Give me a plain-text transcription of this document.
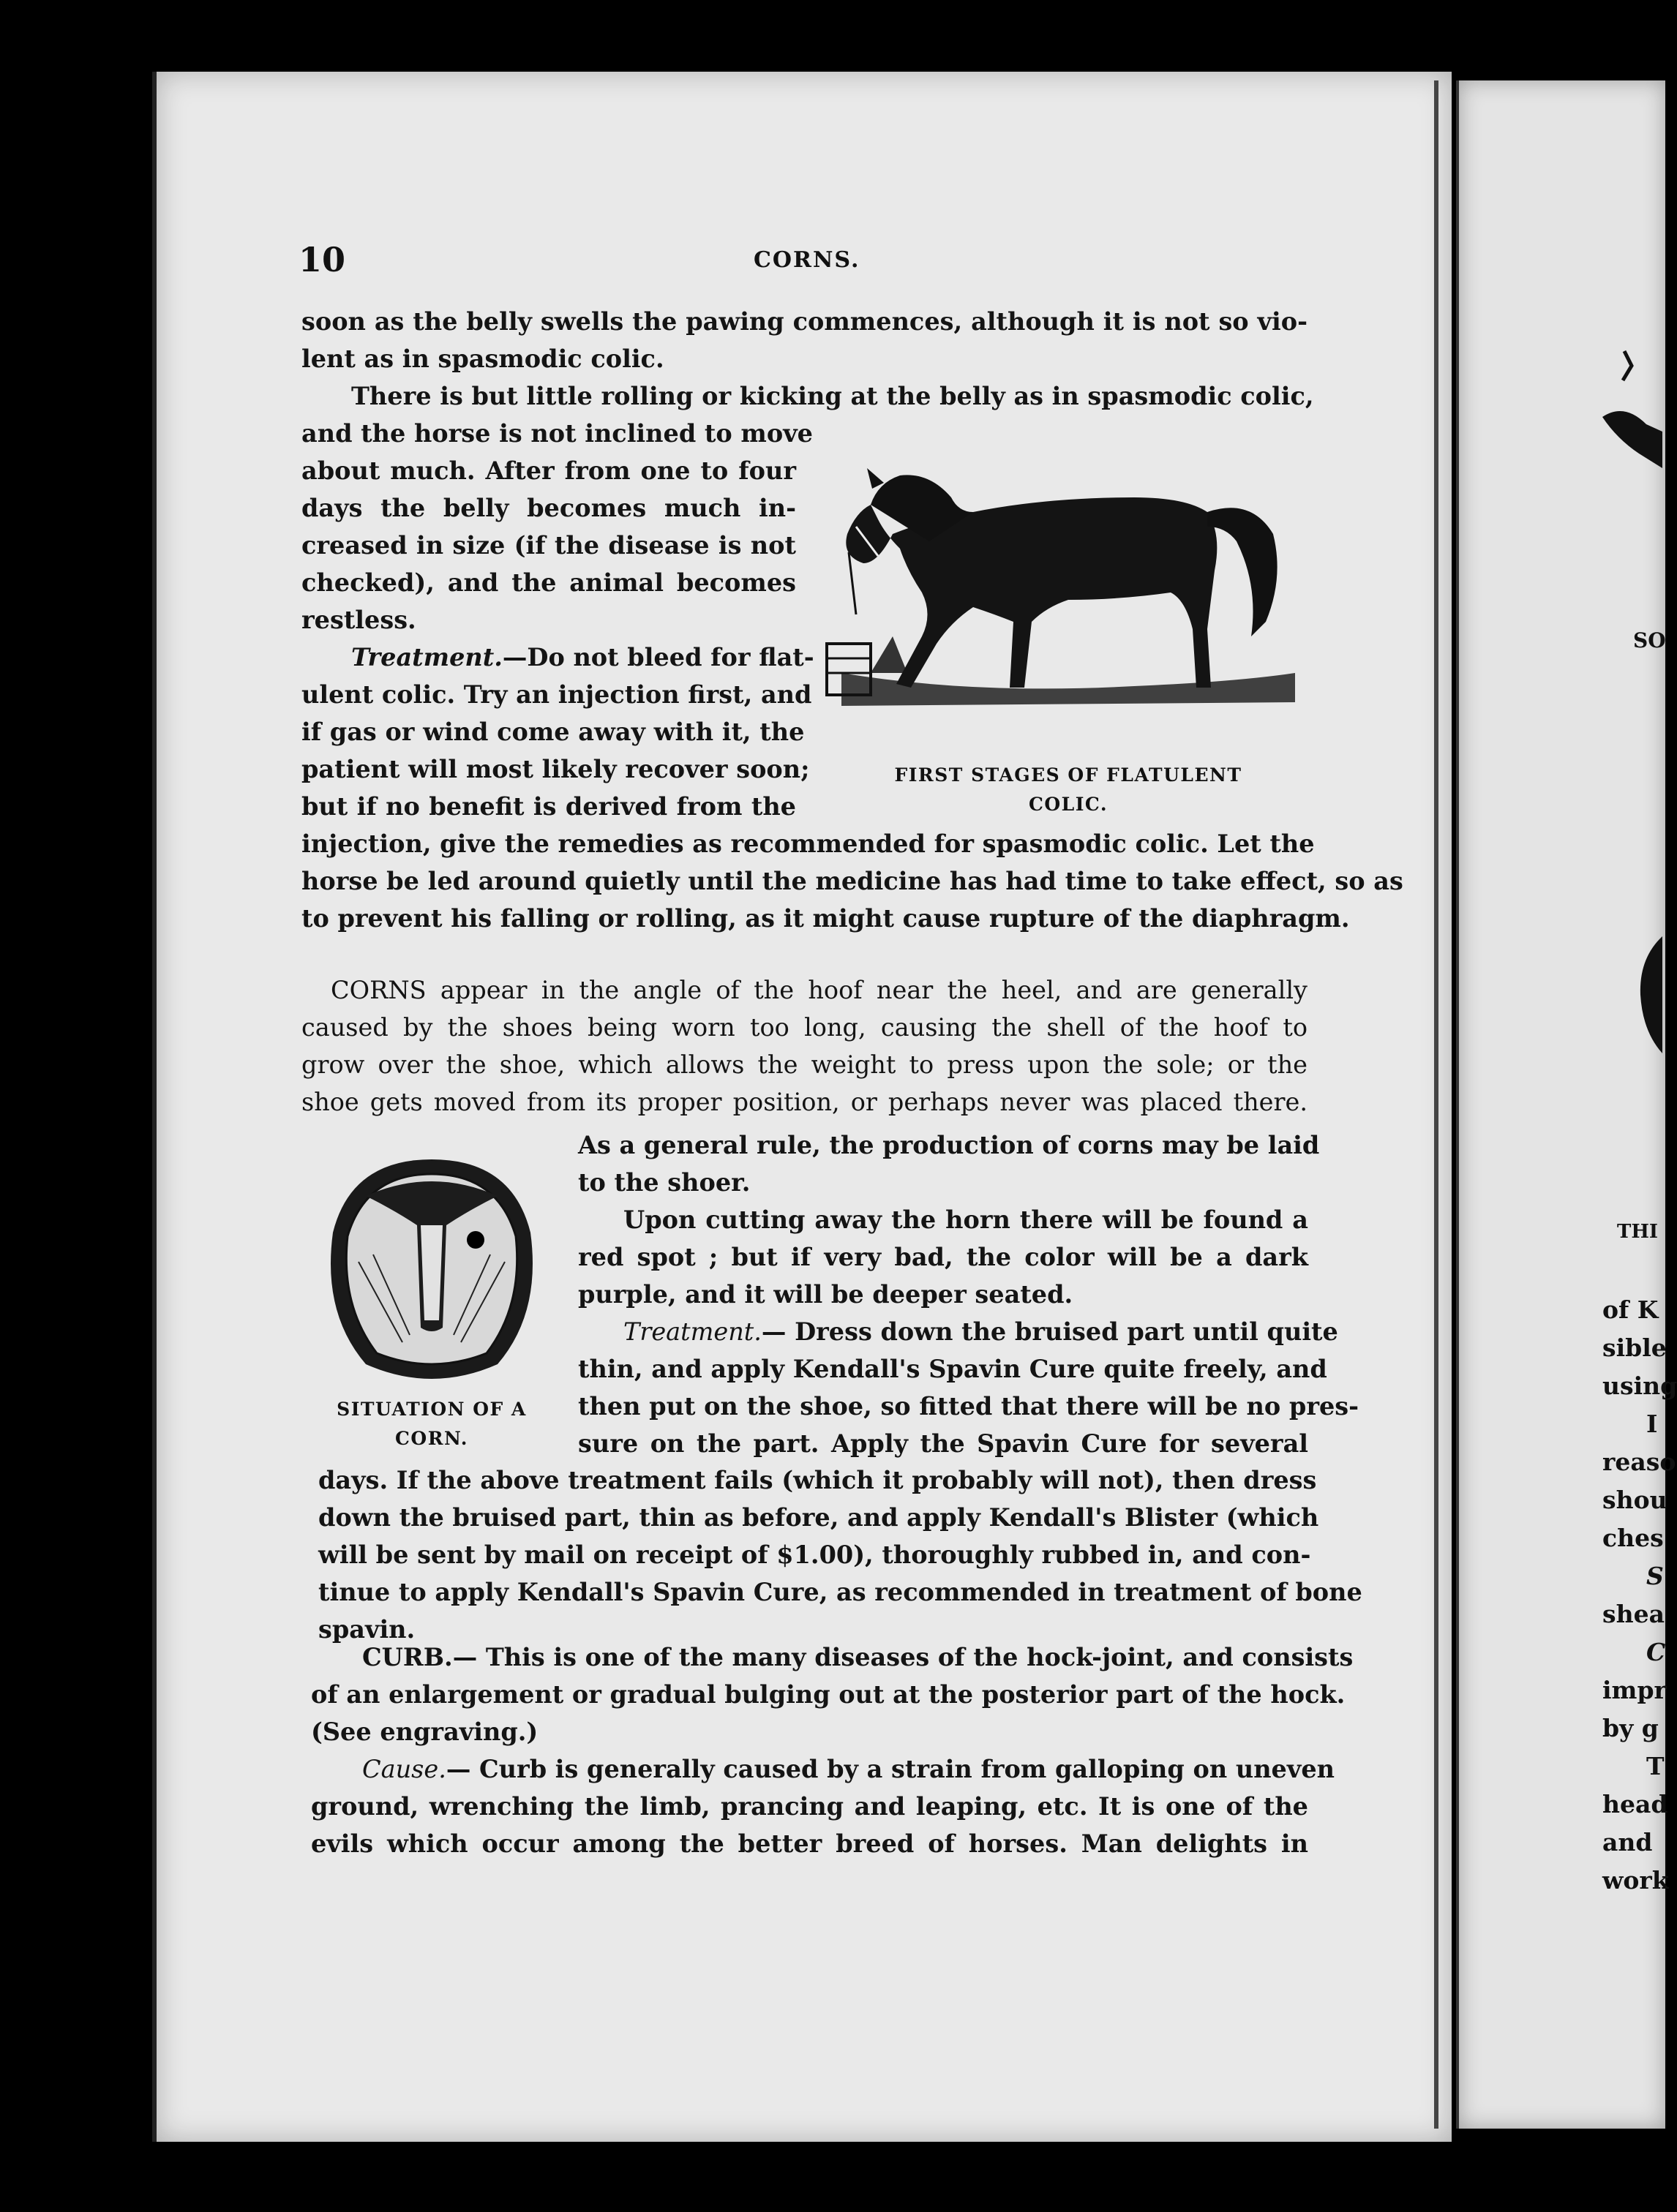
10	CORNS.
soon as the belly swells the pawing commences, although it is not so vio-
lent as in spasmodic colic.
There is but little rolling or kicking at the belly as in spasmodic colic,
and the horse is not inclined to move
about much. After from one to four
days the belly becomes much in-
creased in size (if the disease is not
checked), and the animal becomes
restless.
Treatment.—Do not bleed for flat-
ulent colic. Try an injection first, and
if gas or wind come away with it, the
patient will most likely recover soon;
but if no benefit is derived from the
injection, give the remedies as recommended for spasmodic colic. Let the
horse be led around quietly until the medicine has had time to take effect, so as
to prevent his falling or rolling, as it might cause rupture of the diaphragm.
FIRST STAGES OF FLATULENT
COLIC.
CORNS appear in the angle of the hoof near the heel, and are generally
caused by the shoes being worn too long, causing the shell of the hoof to
grow over the shoe, which allows the weight to press upon the sole; or the
shoe gets moved from its proper position, or perhaps never was placed there.
SITUATION OF A
CORN.
As a general rule, the production of corns may be laid
to the shoer.
Upon cutting away the horn there will be found a
red spot ; but if very bad, the color will be a dark
purple, and it will be deeper seated.
Treatment.— Dress down the bruised part until quite
thin, and apply Kendall's Spavin Cure quite freely, and
then put on the shoe, so fitted that there will be no pres-
sure on the part. Apply the Spavin Cure for several
days. If the above treatment fails (which it probably will not), then dress
down the bruised part, thin as before, and apply Kendall's Blister (which
will be sent by mail on receipt of $1.00), thoroughly rubbed in, and con-
tinue to apply Kendall's Spavin Cure, as recommended in treatment of bone
spavin.
CURB.— This is one of the many diseases of the hock-joint, and consists
of an enlargement or gradual bulging out at the posterior part of the hock.
(See engraving.)
Cause.— Curb is generally caused by a strain from galloping on uneven
ground, wrenching the limb, prancing and leaping, etc. It is one of the
evils which occur among the better breed of horses. Man delights in
SO
THI
of K
sible
using
I
reaso
shou
ches
S
shea
C
impr
by g
T
head
and
work
